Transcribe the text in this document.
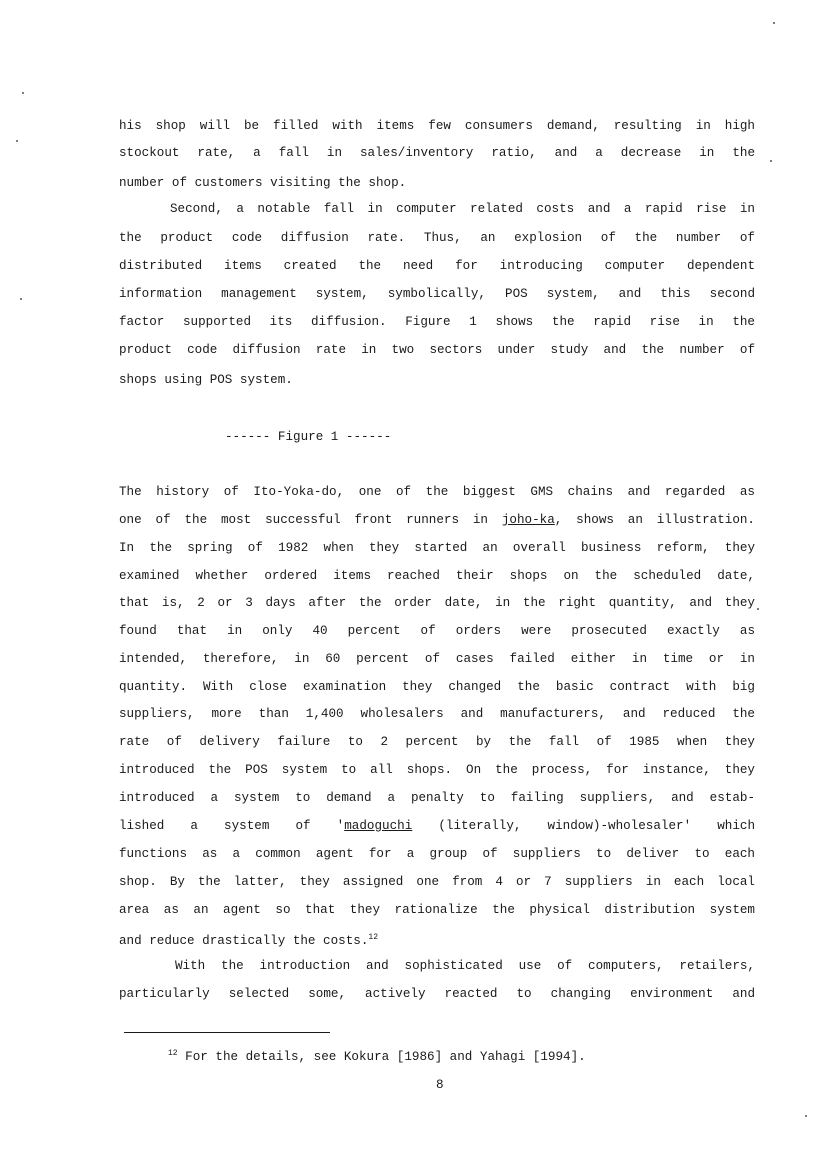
his shop will be filled with items few consumers demand, resulting in high
stockout rate, a fall in sales/inventory ratio, and a decrease in the
number of customers visiting the shop.
Second, a notable fall in computer related costs and a rapid rise in
the product code diffusion rate. Thus, an explosion of the number of
distributed items created the need for introducing computer dependent
information management system, symbolically, POS system, and this second
factor supported its diffusion. Figure 1 shows the rapid rise in the
product code diffusion rate in two sectors under study and the number of
shops using POS system.
------ Figure 1 ------
The history of Ito-Yoka-do, one of the biggest GMS chains and regarded as
one of the most successful front runners in joho-ka, shows an illustration.
In the spring of 1982 when they started an overall business reform, they
examined whether ordered items reached their shops on the scheduled date,
that is, 2 or 3 days after the order date, in the right quantity, and they
found that in only 40 percent of orders were prosecuted exactly as
intended, therefore, in 60 percent of cases failed either in time or in
quantity. With close examination they changed the basic contract with big
suppliers, more than 1,400 wholesalers and manufacturers, and reduced the
rate of delivery failure to 2 percent by the fall of 1985 when they
introduced the POS system to all shops. On the process, for instance, they
introduced a system to demand a penalty to failing suppliers, and estab-
lished a system of 'madoguchi (literally, window)-wholesaler' which
functions as a common agent for a group of suppliers to deliver to each
shop. By the latter, they assigned one from 4 or 7 suppliers in each local
area as an agent so that they rationalize the physical distribution system
and reduce drastically the costs.$^{12}$
With the introduction and sophisticated use of computers, retailers,
particularly selected some, actively reacted to changing environment and
$^{12}$ For the details, see Kokura [1986] and Yahagi [1994].
8
